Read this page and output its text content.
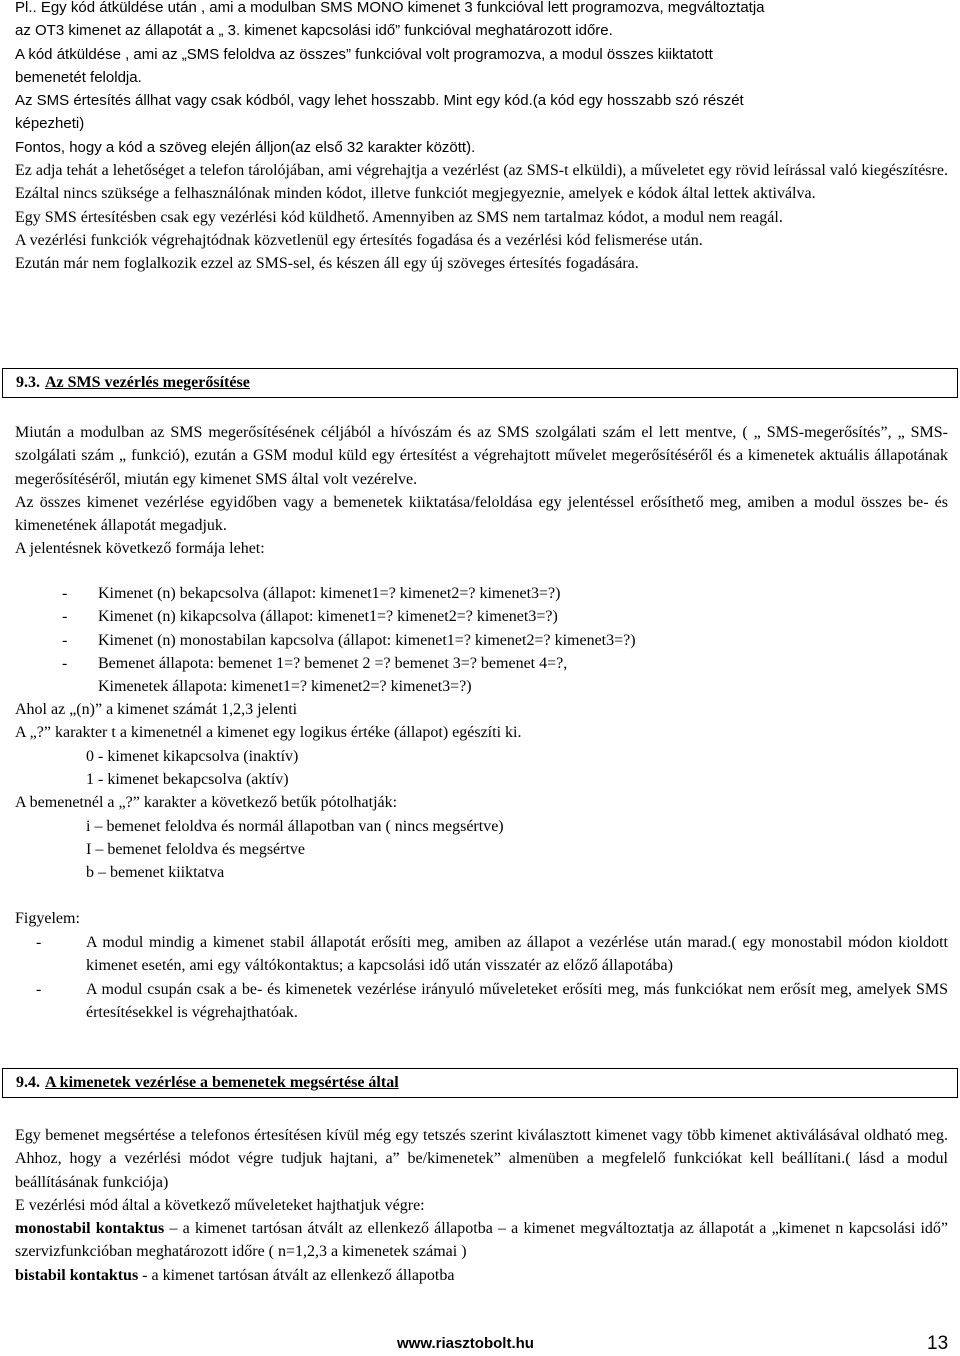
Pl.. Egy kód átküldése után , ami a modulban SMS MONO kimenet 3 funkcióval lett programozva, megváltoztatja
az OT3 kimenet az állapotát a „ 3. kimenet kapcsolási idő” funkcióval meghatározott időre.
A kód átküldése , ami az „SMS feloldva az összes” funkcióval volt programozva, a modul összes kiiktatott
bemenetét feloldja.
Az SMS értesítés állhat vagy csak kódból, vagy lehet hosszabb. Mint egy kód.(a kód egy hosszabb szó részét
képezheti)
Fontos, hogy a kód a szöveg elején álljon(az első 32 karakter között).

Ez adja tehát a lehetőséget a telefon tárolójában, ami végrehajtja a vezérlést (az SMS-t elküldi), a műveletet egy rövid leírással való kiegészítésre.

Ezáltal nincs szüksége a felhasználónak minden kódot, illetve funkciót megjegyeznie, amelyek e kódok által lettek aktiválva.

Egy SMS értesítésben csak egy vezérlési kód küldhető. Amennyiben az SMS nem tartalmaz kódot, a modul nem reagál.

A vezérlési funkciók végrehajtódnak közvetlenül egy értesítés fogadása és a vezérlési kód felismerése után.

Ezután már nem foglalkozik ezzel az SMS-sel, és készen áll egy új szöveges értesítés fogadására.

9.3. Az SMS vezérlés megerősítése

Miután a modulban az SMS megerősítésének céljából a hívószám és az SMS szolgálati szám el lett mentve, ( „ SMS-megerősítés”, „ SMS- szolgálati szám „ funkció), ezután a GSM modul küld egy értesítést a végrehajtott művelet megerősítéséről és a kimenetek aktuális állapotának megerősítéséről, miután egy kimenet SMS által volt vezérelve.

Az összes kimenet vezérlése egyidőben vagy a bemenetek kiiktatása/feloldása egy jelentéssel erősíthető meg, amiben a modul összes be- és kimenetének állapotát megadjuk.

A jelentésnek következő formája lehet:

- Kimenet (n) bekapcsolva (állapot: kimenet1=? kimenet2=? kimenet3=?)
- Kimenet (n) kikapcsolva (állapot: kimenet1=? kimenet2=? kimenet3=?)
- Kimenet (n) monostabilan kapcsolva (állapot: kimenet1=? kimenet2=? kimenet3=?)
- Bemenet állapota: bemenet 1=? bemenet 2 =? bemenet 3=? bemenet 4=?,
Kimenetek állapota: kimenet1=? kimenet2=? kimenet3=?)
Ahol az „(n)” a kimenet számát 1,2,3 jelenti
A „?” karakter t a kimenetnél a kimenet egy logikus értéke (állapot) egészíti ki.
0 - kimenet kikapcsolva (inaktív)
1 - kimenet bekapcsolva (aktív)
A bemenetnél a „?” karakter a következő betűk pótolhatják:
i – bemenet feloldva és normál állapotban van ( nincs megsértve)
I – bemenet feloldva és megsértve
b – bemenet kiiktatva
Figyelem:
-	A modul mindig a kimenet stabil állapotát erősíti meg, amiben az állapot a vezérlése után marad.( egy monostabil módon kioldott kimenet esetén, ami egy váltókontaktus; a kapcsolási idő után visszatér az előző állapotába)
-	A modul csupán csak a be- és kimenetek vezérlése irányuló műveleteket erősíti meg, más funkciókat nem erősít meg, amelyek SMS értesítésekkel is végrehajthatóak.
9.4. A kimenetek vezérlése a bemenetek megsértése által

Egy bemenet megsértése a telefonos értesítésen kívül még egy tetszés szerint kiválasztott kimenet vagy több kimenet aktiválásával oldható meg. Ahhoz, hogy a vezérlési módot végre tudjuk hajtani, a” be/kimenetek” almenüben a megfelelő funkciókat kell beállítani.( lásd a modul beállításának funkciója)

E vezérlési mód által a következő műveleteket hajthatjuk végre:

monostabil kontaktus – a kimenet tartósan átvált az ellenkező állapotba – a kimenet megváltoztatja az állapotát a „kimenet n kapcsolási idő” szervizfunkcióban meghatározott időre ( n=1,2,3 a kimenetek számai )

bistabil kontaktus - a kimenet tartósan átvált az ellenkező állapotba

www.riasztobolt.hu	13
